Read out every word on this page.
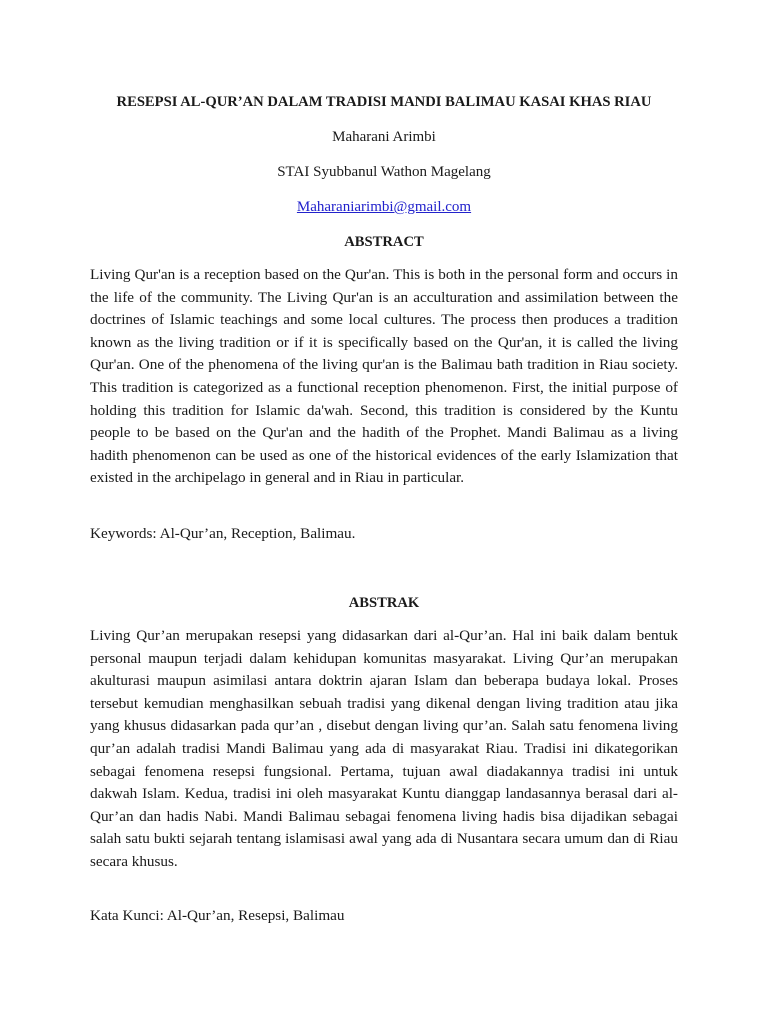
RESEPSI AL-QUR’AN DALAM TRADISI MANDI BALIMAU KASAI KHAS RIAU
Maharani Arimbi
STAI Syubbanul Wathon Magelang
Maharaniarimbi@gmail.com
ABSTRACT

Living Qur'an is a reception based on the Qur'an. This is both in the personal form and occurs in the life of the community. The Living Qur'an is an acculturation and assimilation between the doctrines of Islamic teachings and some local cultures. The process then produces a tradition known as the living tradition or if it is specifically based on the Qur'an, it is called the living Qur'an. One of the phenomena of the living qur'an is the Balimau bath tradition in Riau society. This tradition is categorized as a functional reception phenomenon. First, the initial purpose of holding this tradition for Islamic da'wah. Second, this tradition is considered by the Kuntu people to be based on the Qur'an and the hadith of the Prophet. Mandi Balimau as a living hadith phenomenon can be used as one of the historical evidences of the early Islamization that existed in the archipelago in general and in Riau in particular.

Keywords: Al-Qur’an, Reception, Balimau.
ABSTRAK

Living Qur’an merupakan resepsi yang didasarkan dari al-Qur’an. Hal ini baik dalam bentuk personal maupun terjadi dalam kehidupan komunitas masyarakat. Living Qur’an merupakan akulturasi maupun asimilasi antara doktrin ajaran Islam dan beberapa budaya lokal. Proses tersebut kemudian menghasilkan sebuah tradisi yang dikenal dengan living tradition atau jika yang khusus didasarkan pada qur’an , disebut dengan living qur’an. Salah satu fenomena living qur’an adalah tradisi Mandi Balimau yang ada di masyarakat Riau. Tradisi ini dikategorikan sebagai fenomena resepsi fungsional. Pertama, tujuan awal diadakannya tradisi ini untuk dakwah Islam. Kedua, tradisi ini oleh masyarakat Kuntu dianggap landasannya berasal dari al-Qur’an dan hadis Nabi. Mandi Balimau sebagai fenomena living hadis bisa dijadikan sebagai salah satu bukti sejarah tentang islamisasi awal yang ada di Nusantara secara umum dan di Riau secara khusus.

Kata Kunci: Al-Qur’an, Resepsi, Balimau
